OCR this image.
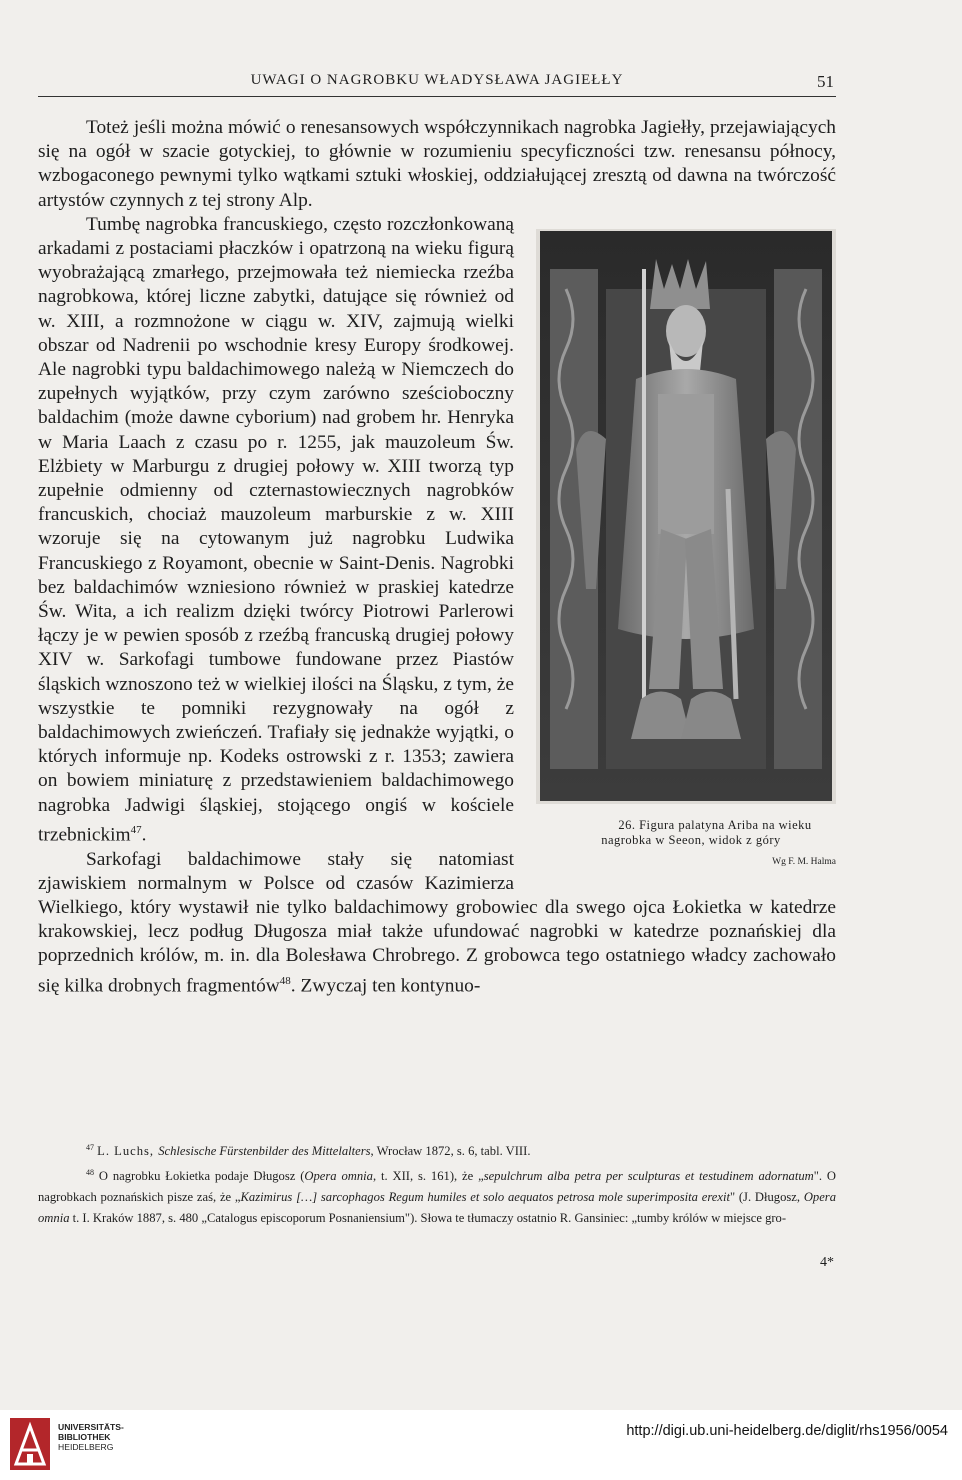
UWAGI O NAGROBKU WŁADYSŁAWA JAGIEŁŁY	51

Toteż jeśli można mówić o renesansowych współczynnikach nagrobka Jagiełły, przejawiających się na ogół w szacie gotyckiej, to głównie w rozumieniu specyficzności tzw. renesansu północy, wzbogaconego pewnymi tylko wątkami sztuki włoskiej, oddziałującej zresztą od dawna na twórczość artystów czynnych z tej strony Alp.

26. Figura palatyna Ariba na wieku
nagrobka w Seeon, widok z góry
Wg F. M. Halma
Tumbę nagrobka francuskiego, często rozczłonkowaną arkadami z postaciami płaczków i opatrzoną na wieku figurą wyobrażającą zmarłego, przejmowała też niemiecka rzeźba nagrobkowa, której liczne zabytki, datujące się również od w. XIII, a rozmnożone w ciągu w. XIV, zajmują wielki obszar od Nadrenii po wschodnie kresy Europy środkowej. Ale nagrobki typu baldachimowego należą w Niemczech do zupełnych wyjątków, przy czym zarówno sześcioboczny baldachim (może dawne cyborium) nad grobem hr. Henryka w Maria Laach z czasu po r. 1255, jak mauzoleum Św. Elżbiety w Marburgu z drugiej połowy w. XIII tworzą typ zupełnie odmienny od czternastowiecznych nagrobków francuskich, chociaż mauzoleum marburskie z w. XIII wzoruje się na cytowanym już nagrobku Ludwika Francuskiego z Royamont, obecnie w Saint-Denis. Nagrobki bez baldachimów wzniesiono również w praskiej katedrze Św. Wita, a ich realizm dzięki twórcy Piotrowi Parlerowi łączy je w pewien sposób z rzeźbą francuską drugiej połowy XIV w. Sarkofagi tumbowe fundowane przez Piastów śląskich wznoszono też w wielkiej ilości na Śląsku, z tym, że wszystkie te pomniki rezygnowały na ogół z baldachimowych zwieńczeń. Trafiały się jednakże wyjątki, o których informuje np. Kodeks ostrowski z r. 1353; zawiera on bowiem miniaturę z przedstawieniem baldachimowego nagrobka Jadwigi śląskiej, stojącego ongiś w kościele trzebnickim$^{47}$.

Sarkofagi baldachimowe stały się natomiast zjawiskiem normalnym w Polsce od czasów Kazimierza Wielkiego, który wystawił nie tylko baldachimowy grobowiec dla swego ojca Łokietka w katedrze krakowskiej, lecz podług Długosza miał także ufundować nagrobki w katedrze poznańskiej dla poprzednich królów, m. in. dla Bolesława Chrobrego. Z grobowca tego ostatniego władcy zachowało się kilka drobnych fragmentów$^{48}$. Zwyczaj ten kontynuo-

$^{47}$ L. Luchs, Schlesische Fürstenbilder des Mittelalters, Wrocław 1872, s. 6, tabl. VIII.

$^{48}$ O nagrobku Łokietka podaje Długosz (Opera omnia, t. XII, s. 161), że „sepulchrum alba petra per sculpturas et testudinem adornatum". O nagrobkach poznańskich pisze zaś, że „Kazimirus […] sarcophagos Regum humiles et solo aequatos petrosa mole superimposita erexit" (J. Długosz, Opera omnia t. I. Kraków 1887, s. 480 „Catalogus episcoporum Posnaniensium"). Słowa te tłumaczy ostatnio R. Gansiniec: „tumby królów w miejsce gro-

4*
UNIVERSITÄTS-
BIBLIOTHEK
HEIDELBERG
http://digi.ub.uni-heidelberg.de/diglit/rhs1956/0054
